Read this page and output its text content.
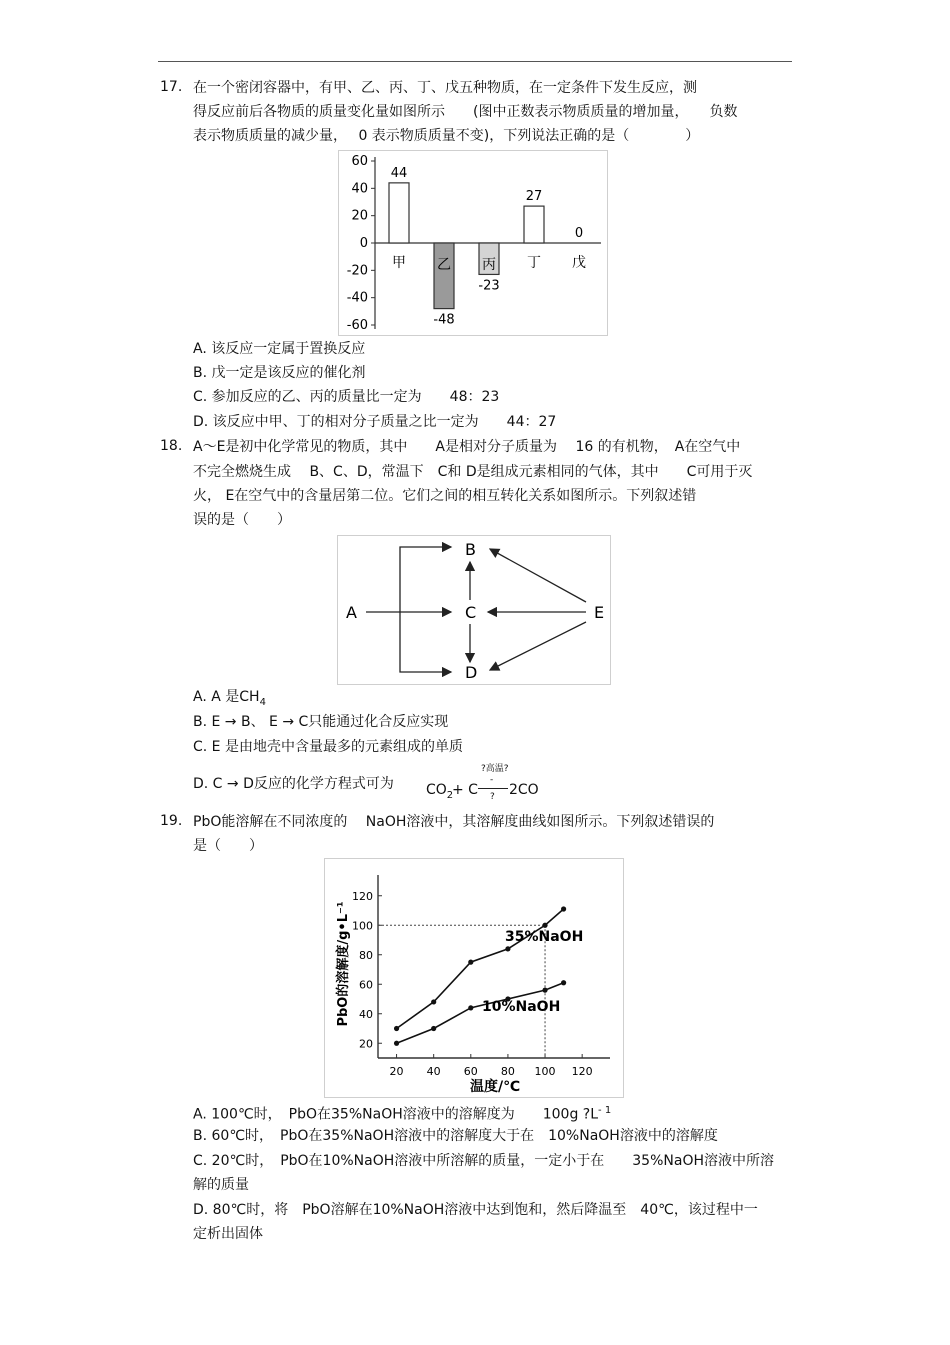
17. 在一个密闭容器中，有甲、乙、丙、丁、戊五种物质，在一定条件下发生反应，测
得反应前后各物质的质量变化量如图所示　　(图中正数表示物质质量的增加量，　　负数
表示物质质量的减少量，　 0 表示物质质量不变)，下列说法正确的是（　　　　）
60
40
20
0
-20
-40
-60
44
甲
-48
乙
-23
丙
27
丁
0
戊
A. 该反应一定属于置换反应
B. 戊一定是该反应的催化剂
C. 参加反应的乙、丙的质量比一定为　　48：23
D. 该反应中甲、丁的相对分子质量之比一定为　　44：27
18. A～E是初中化学常见的物质，其中　　A是相对分子质量为　 16 的有机物，　A在空气中
不完全燃烧生成　 B、C、D，常温下　C和 D是组成元素相同的气体，其中　　C可用于灭
火， E在空气中的含量居第二位。它们之间的相互转化关系如图所示。下列叙述错
误的是（　　）
A
B
C
D
E
A. A 是$CH_4$
B. E → B、 E → C只能通过化合反应实现
C. E 是由地壳中含量最多的元素组成的单质
D. C → D反应的化学方程式可为 $CO_2$
+ C
?高温?
-
? 2CO
19. PbO能溶解在不同浓度的　 NaOH溶液中，其溶解度曲线如图所示。下列叙述错误的
是（　　）
20 40 60 80 100 120
120
100
80
60
40
20
35%NaOH
10%NaOH
PbO的溶解度/g•L⁻¹
温度/℃
A. 100℃时，　PbO在35%NaOH溶液中的溶解度为　　100g $?L^{- 1}$
B. 60℃时，　PbO在35%NaOH溶液中的溶解度大于在　10%NaOH溶液中的溶解度
C. 20℃时，　PbO在10%NaOH溶液中所溶解的质量，一定小于在　　35%NaOH溶液中所溶
解的质量
D. 80℃时，将　PbO溶解在10%NaOH溶液中达到饱和，然后降温至　40℃，该过程中一
定析出固体
